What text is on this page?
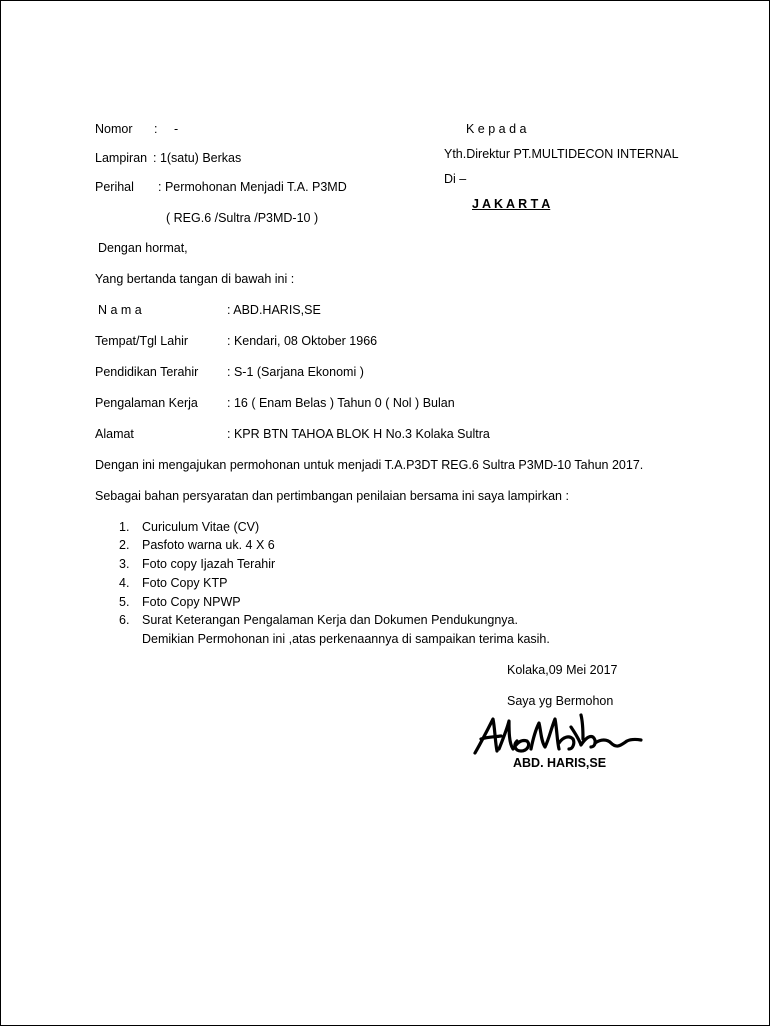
Nomor : -
Lampiran : 1(satu) Berkas
Perihal : Permohonan Menjadi T.A. P3MD
( REG.6 /Sultra /P3MD-10 )
K e p a d a
Yth.Direktur PT.MULTIDECON INTERNAL
Di –
J A K A R T A
Dengan hormat,
Yang bertanda tangan di bawah ini :
N a m a	: ABD.HARIS,SE
Tempat/Tgl Lahir	: Kendari, 08 Oktober 1966
Pendidikan Terahir : S-1 (Sarjana Ekonomi )
Pengalaman Kerja : 16 ( Enam Belas ) Tahun 0 ( Nol ) Bulan
Alamat	: KPR BTN TAHOA BLOK H No.3 Kolaka Sultra
Dengan ini mengajukan permohonan untuk menjadi T.A.P3DT REG.6 Sultra P3MD-10 Tahun 2017.
Sebagai bahan persyaratan dan pertimbangan penilaian bersama ini saya lampirkan :
1. Curiculum Vitae (CV)
2. Pasfoto warna uk. 4 X 6
3. Foto copy Ijazah Terahir
4. Foto Copy KTP
5. Foto Copy NPWP
6. Surat Keterangan Pengalaman Kerja dan Dokumen Pendukungnya.
Demikian Permohonan ini ,atas perkenaannya di sampaikan terima kasih.
Kolaka,09 Mei 2017
Saya yg Bermohon
ABD. HARIS,SE
